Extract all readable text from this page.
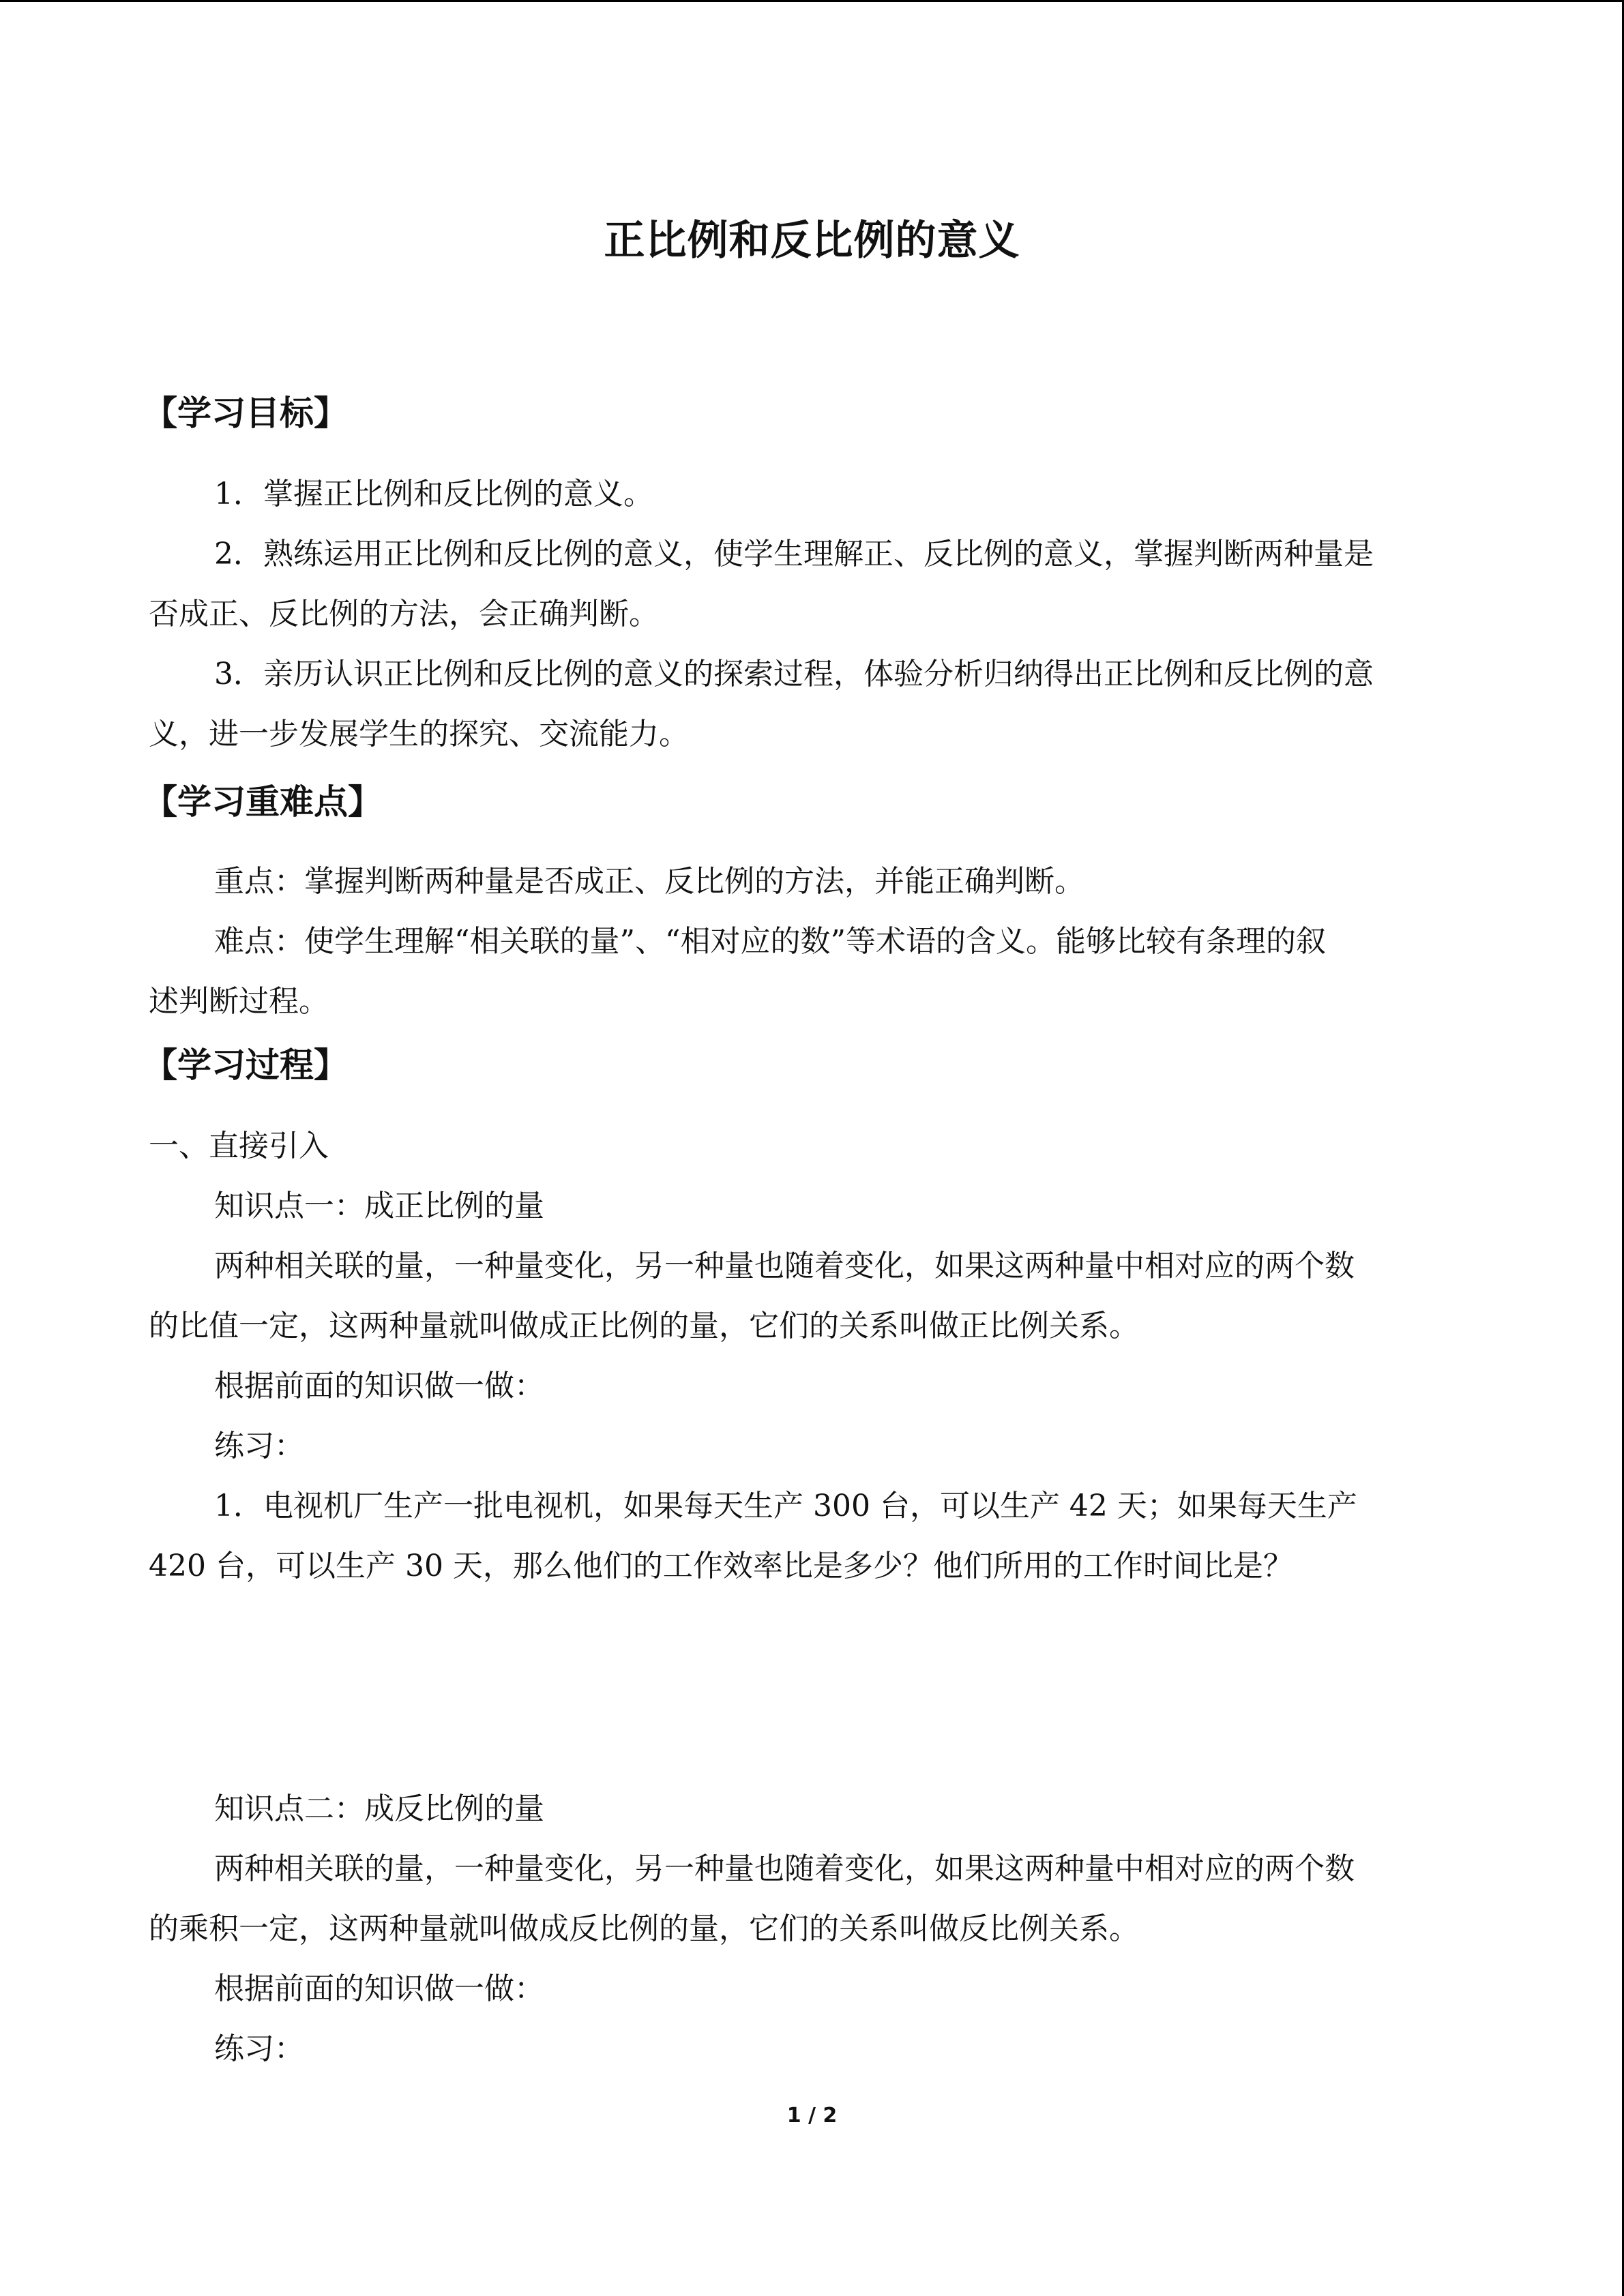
正比例和反比例的意义
【学习目标】
1．掌握正比例和反比例的意义。
2．熟练运用正比例和反比例的意义，使学生理解正、反比例的意义，掌握判断两种量是
否成正、反比例的方法，会正确判断。
3．亲历认识正比例和反比例的意义的探索过程，体验分析归纳得出正比例和反比例的意
义，进一步发展学生的探究、交流能力。
【学习重难点】
重点：掌握判断两种量是否成正、反比例的方法，并能正确判断。
难点：使学生理解“相关联的量”、“相对应的数”等术语的含义。能够比较有条理的叙
述判断过程。
【学习过程】
一、直接引入
知识点一：成正比例的量
两种相关联的量，一种量变化，另一种量也随着变化，如果这两种量中相对应的两个数
的比值一定，这两种量就叫做成正比例的量，它们的关系叫做正比例关系。
根据前面的知识做一做：
练习：
1．电视机厂生产一批电视机，如果每天生产 300 台，可以生产 42 天；如果每天生产
420 台，可以生产 30 天，那么他们的工作效率比是多少？他们所用的工作时间比是？
知识点二：成反比例的量
两种相关联的量，一种量变化，另一种量也随着变化，如果这两种量中相对应的两个数
的乘积一定，这两种量就叫做成反比例的量，它们的关系叫做反比例关系。
根据前面的知识做一做：
练习：
1 / 2
